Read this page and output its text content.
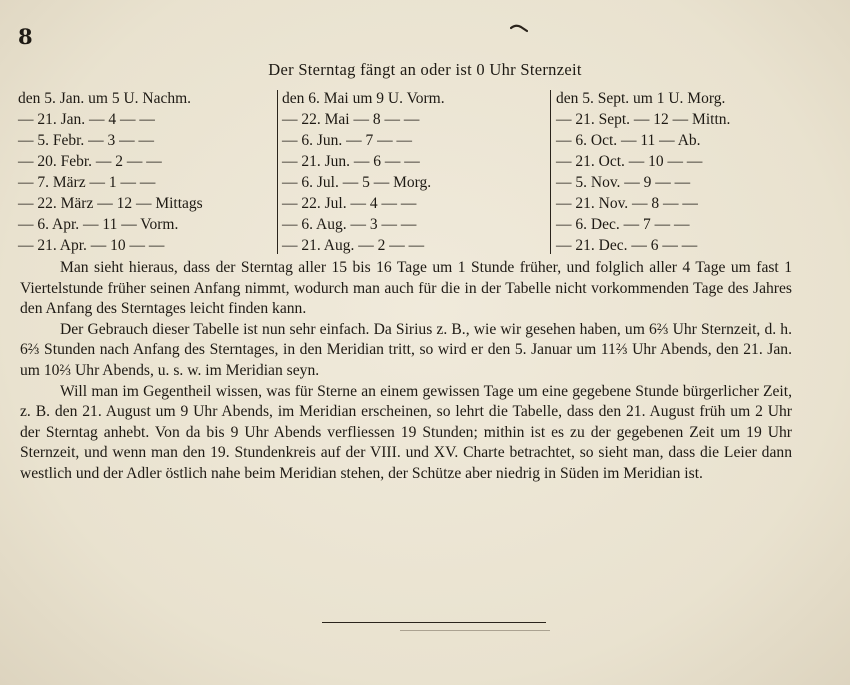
8
Der Sterntag fängt an oder ist 0 Uhr Sternzeit
den 5. Jan. um 5 U. Nachm.
— 21. Jan. — 4 — —
— 5. Febr. — 3 — —
— 20. Febr. — 2 — —
— 7. März — 1 — —
— 22. März — 12 — Mittags
— 6. Apr. — 11 — Vorm.
— 21. Apr. — 10 — —
den 6. Mai um 9 U. Vorm.
— 22. Mai — 8 — —
— 6. Jun. — 7 — —
— 21. Jun. — 6 — —
— 6. Jul. — 5 — Morg.
— 22. Jul. — 4 — —
— 6. Aug. — 3 — —
— 21. Aug. — 2 — —
den 5. Sept. um 1 U. Morg.
— 21. Sept. — 12 — Mittn.
— 6. Oct. — 11 — Ab.
— 21. Oct. — 10 — —
— 5. Nov. — 9 — —
— 21. Nov. — 8 — —
— 6. Dec. — 7 — —
— 21. Dec. — 6 — —

Man sieht hieraus, dass der Sterntag aller 15 bis 16 Tage um 1 Stunde früher, und folglich aller 4 Tage um fast 1 Viertelstunde früher seinen Anfang nimmt, wodurch man auch für die in der Tabelle nicht vorkommenden Tage des Jahres den Anfang des Sterntages leicht finden kann.

Der Gebrauch dieser Tabelle ist nun sehr einfach. Da Sirius z. B., wie wir gesehen haben, um 6⅔ Uhr Sternzeit, d. h. 6⅔ Stunden nach Anfang des Sterntages, in den Meridian tritt, so wird er den 5. Januar um 11⅔ Uhr Abends, den 21. Jan. um 10⅔ Uhr Abends, u. s. w. im Meridian seyn.

Will man im Gegentheil wissen, was für Sterne an einem gewissen Tage um eine gegebene Stunde bürgerlicher Zeit, z. B. den 21. August um 9 Uhr Abends, im Meridian erscheinen, so lehrt die Tabelle, dass den 21. August früh um 2 Uhr der Sterntag anhebt. Von da bis 9 Uhr Abends verfliessen 19 Stunden; mithin ist es zu der gegebenen Zeit um 19 Uhr Sternzeit, und wenn man den 19. Stundenkreis auf der VIII. und XV. Charte betrachtet, so sieht man, dass die Leier dann westlich und der Adler östlich nahe beim Meridian stehen, der Schütze aber niedrig in Süden im Meridian ist.
